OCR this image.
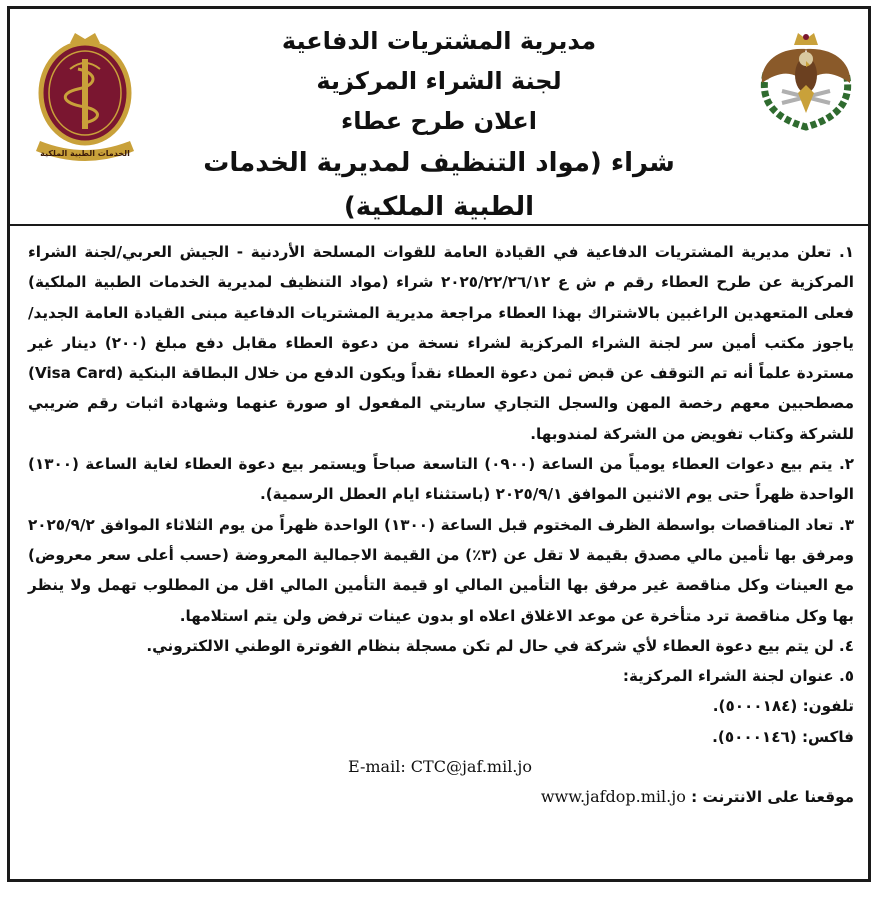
الخدمات الطبية الملكية

مديرية المشتريات الدفاعية

لجنة الشراء المركزية

اعلان طرح عطاء

شراء (مواد التنظيف لمديرية الخدمات الطبية الملكية)

١. تعلن مديرية المشتريات الدفاعية في القيادة العامة للقوات المسلحة الأردنية - الجيش العربي/لجنة الشراء المركزية عن طرح العطاء رقم م ش ع ٢٠٢٥/٢٢/٢٦/١٢ شراء (مواد التنظيف لمديرية الخدمات الطبية الملكية) فعلى المتعهدين الراغبين بالاشتراك بهذا العطاء مراجعة مديرية المشتريات الدفاعية مبنى القيادة العامة الجديد/ياجوز مكتب أمين سر لجنة الشراء المركزية لشراء نسخة من دعوة العطاء مقابل دفع مبلغ (٢٠٠) دينار غير مستردة علماً أنه تم التوقف عن قبض ثمن دعوة العطاء نقداً ويكون الدفع من خلال البطاقة البنكية (Visa Card) مصطحبين معهم رخصة المهن والسجل التجاري ساريتي المفعول او صورة عنهما وشهادة اثبات رقم ضريبي للشركة وكتاب تفويض من الشركة لمندوبها.

٢. يتم بيع دعوات العطاء يومياً من الساعة (٠٩٠٠) التاسعة صباحاً ويستمر بيع دعوة العطاء لغاية الساعة (١٣٠٠) الواحدة ظهراً حتى يوم الاثنين الموافق ٢٠٢٥/٩/١ (باستثناء ايام العطل الرسمية).

٣. تعاد المناقصات بواسطة الظرف المختوم قبل الساعة (١٣٠٠) الواحدة ظهراً من يوم الثلاثاء الموافق ٢٠٢٥/٩/٢ ومرفق بها تأمين مالي مصدق بقيمة لا تقل عن (٣٪) من القيمة الاجمالية المعروضة (حسب أعلى سعر معروض) مع العينات وكل مناقصة غير مرفق بها التأمين المالي او قيمة التأمين المالي اقل من المطلوب تهمل ولا ينظر بها وكل مناقصة ترد متأخرة عن موعد الاغلاق اعلاه او بدون عينات ترفض ولن يتم استلامها.

٤. لن يتم بيع دعوة العطاء لأي شركة في حال لم تكن مسجلة بنظام الفوترة الوطني الالكتروني.

٥. عنوان لجنة الشراء المركزية:

تلفون: (٥٠٠٠١٨٤).

فاكس: (٥٠٠٠١٤٦).

E-mail: CTC@jaf.mil.jo

موقعنا على الانترنت : www.jafdop.mil.jo
